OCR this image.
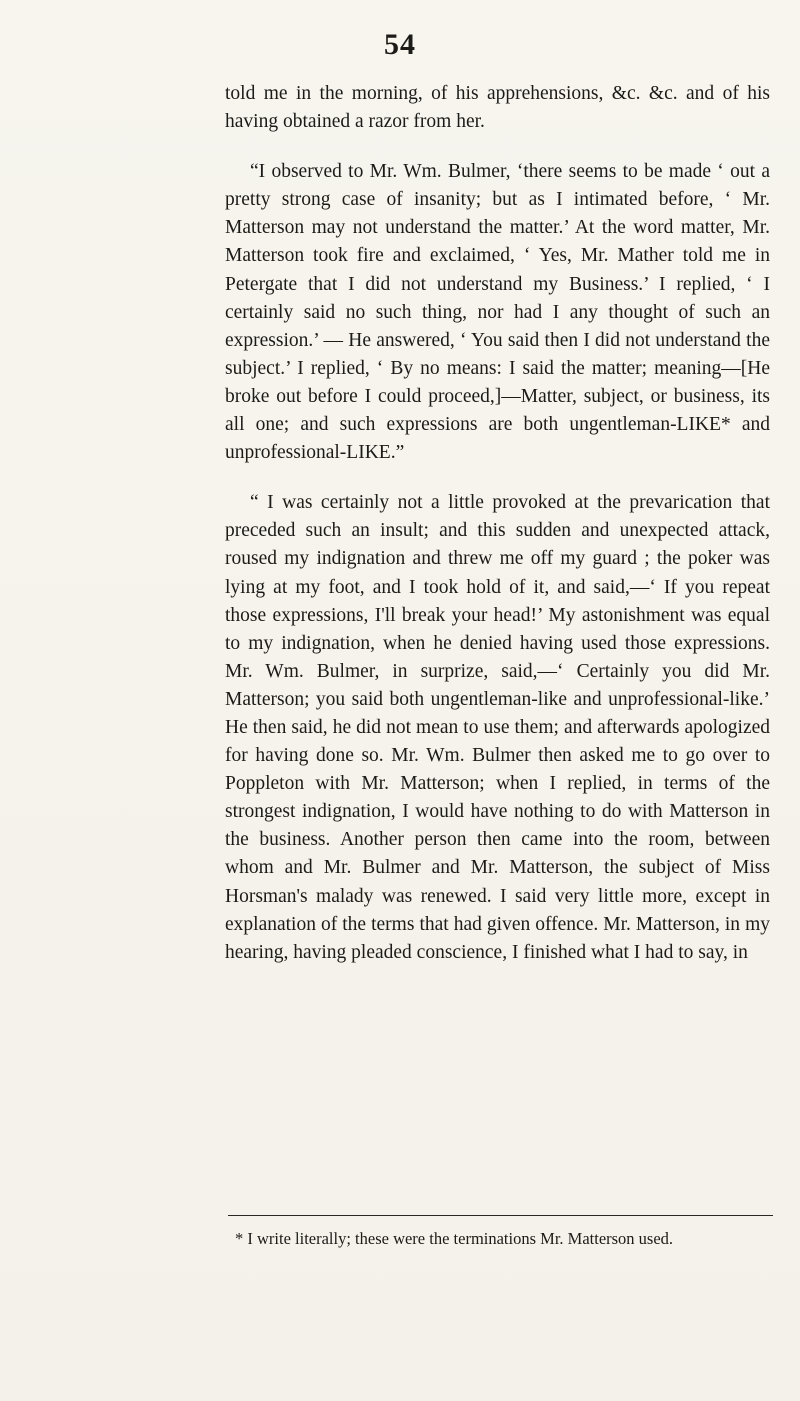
54

told me in the morning, of his apprehensions, &c. &c. and of his having obtained a razor from her.

“I observed to Mr. Wm. Bulmer, ‘there seems to be made ‘ out a pretty strong case of insanity; but as I intimated before, ‘ Mr. Matterson may not understand the matter.’ At the word matter, Mr. Matterson took fire and exclaimed, ‘ Yes, Mr. Mather told me in Petergate that I did not understand my Business.’ I replied, ‘ I certainly said no such thing, nor had I any thought of such an expression.’ — He answered, ‘ You said then I did not understand the subject.’ I replied, ‘ By no means: I said the matter; meaning—[He broke out before I could proceed,]—Matter, subject, or business, its all one; and such expressions are both ungentleman-LIKE* and unprofessional-LIKE.”

“ I was certainly not a little provoked at the prevarication that preceded such an insult; and this sudden and unexpected attack, roused my indignation and threw me off my guard ; the poker was lying at my foot, and I took hold of it, and said,—‘ If you repeat those expressions, I'll break your head!’ My astonishment was equal to my indignation, when he denied having used those expressions. Mr. Wm. Bulmer, in surprize, said,—‘ Certainly you did Mr. Matterson; you said both ungentleman-like and unprofessional-like.’ He then said, he did not mean to use them; and afterwards apologized for having done so. Mr. Wm. Bulmer then asked me to go over to Poppleton with Mr. Matterson; when I replied, in terms of the strongest indignation, I would have nothing to do with Matterson in the business. Another person then came into the room, between whom and Mr. Bulmer and Mr. Matterson, the subject of Miss Horsman's malady was renewed. I said very little more, except in explanation of the terms that had given offence. Mr. Matterson, in my hearing, having pleaded conscience, I finished what I had to say, in

* I write literally; these were the terminations Mr. Matterson used.
